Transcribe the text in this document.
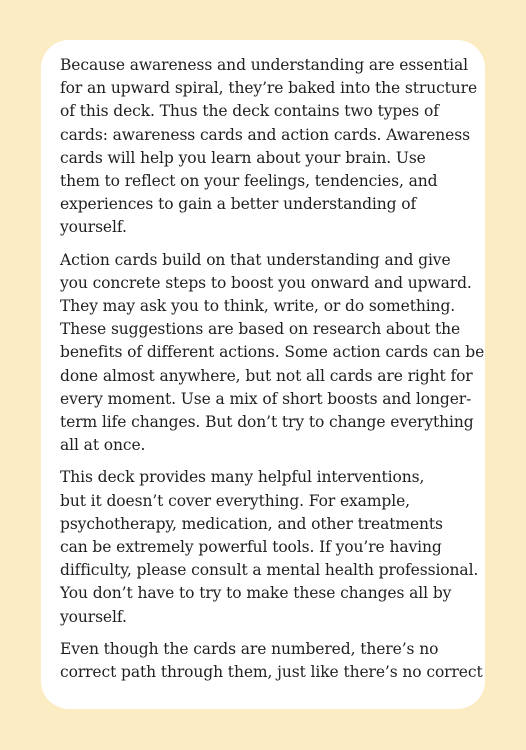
Because awareness and understanding are essential
for an upward spiral, they’re baked into the structure
of this deck. Thus the deck contains two types of
cards: awareness cards and action cards. Awareness
cards will help you learn about your brain. Use
them to reflect on your feelings, tendencies, and
experiences to gain a better understanding of
yourself.

Action cards build on that understanding and give
you concrete steps to boost you onward and upward.
They may ask you to think, write, or do something.
These suggestions are based on research about the
benefits of different actions. Some action cards can be
done almost anywhere, but not all cards are right for
every moment. Use a mix of short boosts and longer-
term life changes. But don’t try to change everything
all at once.

This deck provides many helpful interventions,
but it doesn’t cover everything. For example,
psychotherapy, medication, and other treatments
can be extremely powerful tools. If you’re having
difficulty, please consult a mental health professional.
You don’t have to try to make these changes all by
yourself.

Even though the cards are numbered, there’s no
correct path through them, just like there’s no correct
